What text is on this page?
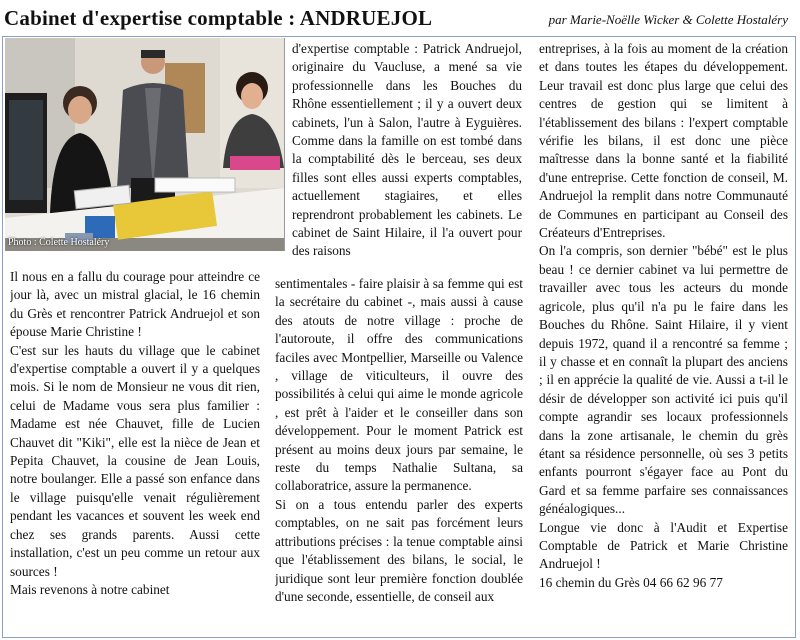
Cabinet d'expertise comptable : ANDRUEJOL	par Marie-Noëlle Wicker & Colette Hostaléry
Photo : Colette Hostaléry

d'expertise comptable : Patrick Andruejol, originaire du Vaucluse, a mené sa vie professionnelle dans les Bouches du Rhône essentiellement ; il y a ouvert deux cabinets, l'un à Salon, l'autre à Eyguières. Comme dans la famille on est tombé dans la comptabilité dès le berceau, ses deux filles sont elles aussi experts comptables, actuellement stagiaires, et elles reprendront probablement les cabinets. Le cabinet de Saint Hilaire, il l'a ouvert pour des raisons

Il nous en a fallu du courage pour atteindre ce jour là, avec un mistral glacial, le 16 chemin du Grès et rencontrer Patrick Andruejol et son épouse Marie Christine !

C'est sur les hauts du village que le cabinet d'expertise comptable a ouvert il y a quelques mois. Si le nom de Monsieur ne vous dit rien, celui de Madame vous sera plus familier : Madame est née Chauvet, fille de Lucien Chauvet dit "Kiki", elle est la nièce de Jean et Pepita Chauvet, la cousine de Jean Louis, notre boulanger. Elle a passé son enfance dans le village puisqu'elle venait régulièrement pendant les vacances et souvent les week end chez ses grands parents. Aussi cette installation, c'est un peu comme un retour aux sources !

Mais revenons à notre cabinet

sentimentales - faire plaisir à sa femme qui est la secrétaire du cabinet -, mais aussi à cause des atouts de notre village : proche de l'autoroute, il offre des communications faciles avec Montpellier, Marseille ou Valence , village de viticulteurs, il ouvre des possibilités à celui qui aime le monde agricole , est prêt à l'aider et le conseiller dans son développement. Pour le moment Patrick est présent au moins deux jours par semaine, le reste du temps Nathalie Sultana, sa collaboratrice, assure la permanence.

Si on a tous entendu parler des experts comptables, on ne sait pas forcément leurs attributions précises : la tenue comptable ainsi que l'établissement des bilans, le social, le juridique sont leur première fonction doublée d'une seconde, essentielle, de conseil aux

entreprises, à la fois au moment de la création et dans toutes les étapes du développement. Leur travail est donc plus large que celui des centres de gestion qui se limitent à l'établissement des bilans : l'expert comptable vérifie les bilans, il est donc une pièce maîtresse dans la bonne santé et la fiabilité d'une entreprise. Cette fonction de conseil, M. Andruejol la remplit dans notre Communauté de Communes en participant au Conseil des Créateurs d'Entreprises.

On l'a compris, son dernier "bébé" est le plus beau ! ce dernier cabinet va lui permettre de travailler avec tous les acteurs du monde agricole, plus qu'il n'a pu le faire dans les Bouches du Rhône. Saint Hilaire, il y vient depuis 1972, quand il a rencontré sa femme ; il y chasse et en connaît la plupart des anciens ; il en apprécie la qualité de vie. Aussi a t-il le désir de développer son activité ici puis qu'il compte agrandir ses locaux professionnels dans la zone artisanale, le chemin du grès étant sa résidence personnelle, où ses 3 petits enfants pourront s'égayer face au Pont du Gard et sa femme parfaire ses connaissances généalogiques...

Longue vie donc à l'Audit et Expertise Comptable de Patrick et Marie Christine Andruejol !

16 chemin du Grès 04 66 62 96 77
